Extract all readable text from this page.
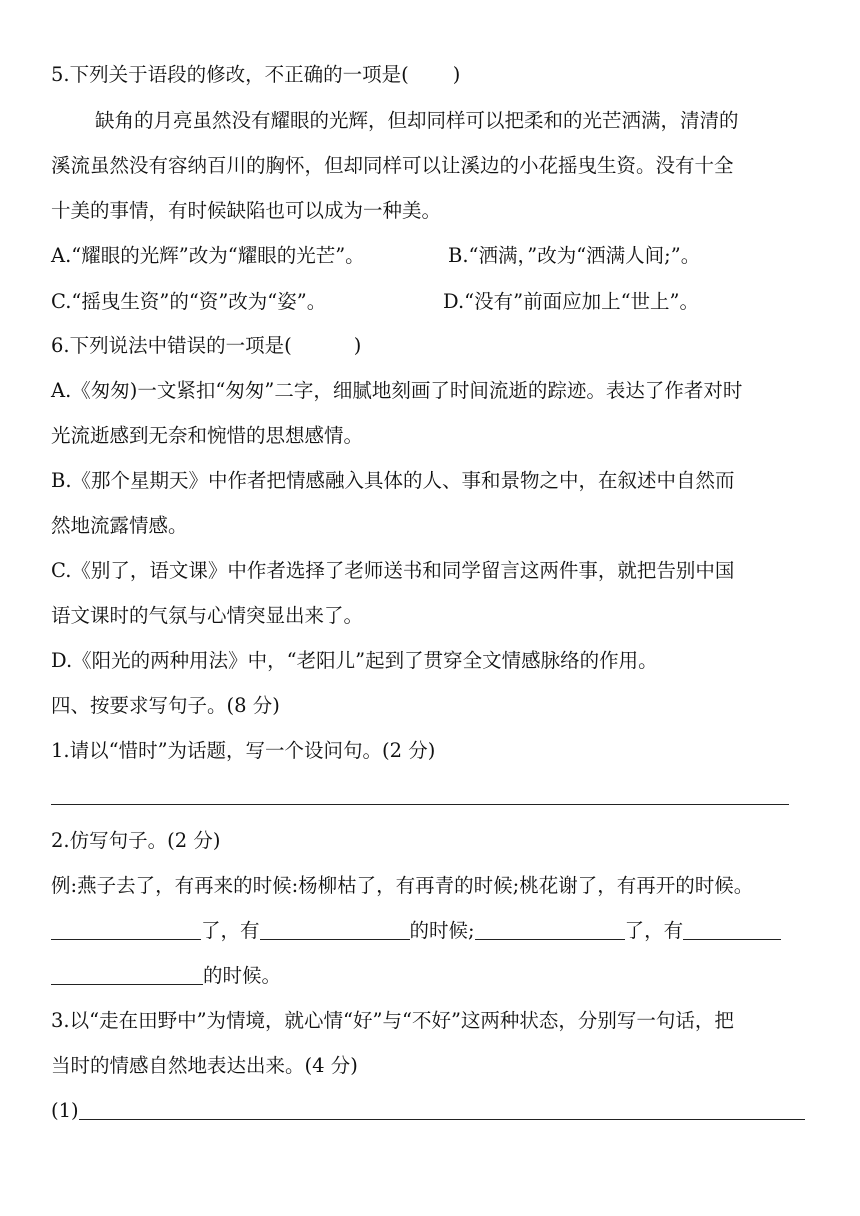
5.下列关于语段的修改，不正确的一项是( )
缺角的月亮虽然没有耀眼的光辉，但却同样可以把柔和的光芒洒满，清清的
溪流虽然没有容纳百川的胸怀，但却同样可以让溪边的小花摇曳生资。没有十全
十美的事情，有时候缺陷也可以成为一种美。
A.“耀眼的光辉”改为“耀眼的光芒”。	B.“洒满，”改为“洒满人间;”。
C.“摇曳生资”的“资”改为“姿”。	D.“没有”前面应加上“世上”。
6.下列说法中错误的一项是(	)
A.《匆匆)一文紧扣“匆匆”二字，细腻地刻画了时间流逝的踪迹。表达了作者对时
光流逝感到无奈和惋惜的思想感情。
B.《那个星期天》中作者把情感融入具体的人、事和景物之中，在叙述中自然而
然地流露情感。
C.《别了，语文课》中作者选择了老师送书和同学留言这两件事，就把告别中国
语文课时的气氛与心情突显出来了。
D.《阳光的两种用法》中，“老阳儿”起到了贯穿全文情感脉络的作用。
四、按要求写句子。(8 分)
1.请以“惜时”为话题，写一个设问句。(2 分)
2.仿写句子。(2 分)
例:燕子去了，有再来的时候:杨柳枯了，有再青的时候;桃花谢了，有再开的时候。
了，有	的时候;	了，有
的时候。
3.以“走在田野中”为情境，就心情“好”与“不好”这两种状态，分别写一句话，把
当时的情感自然地表达出来。(4 分)
(1)
